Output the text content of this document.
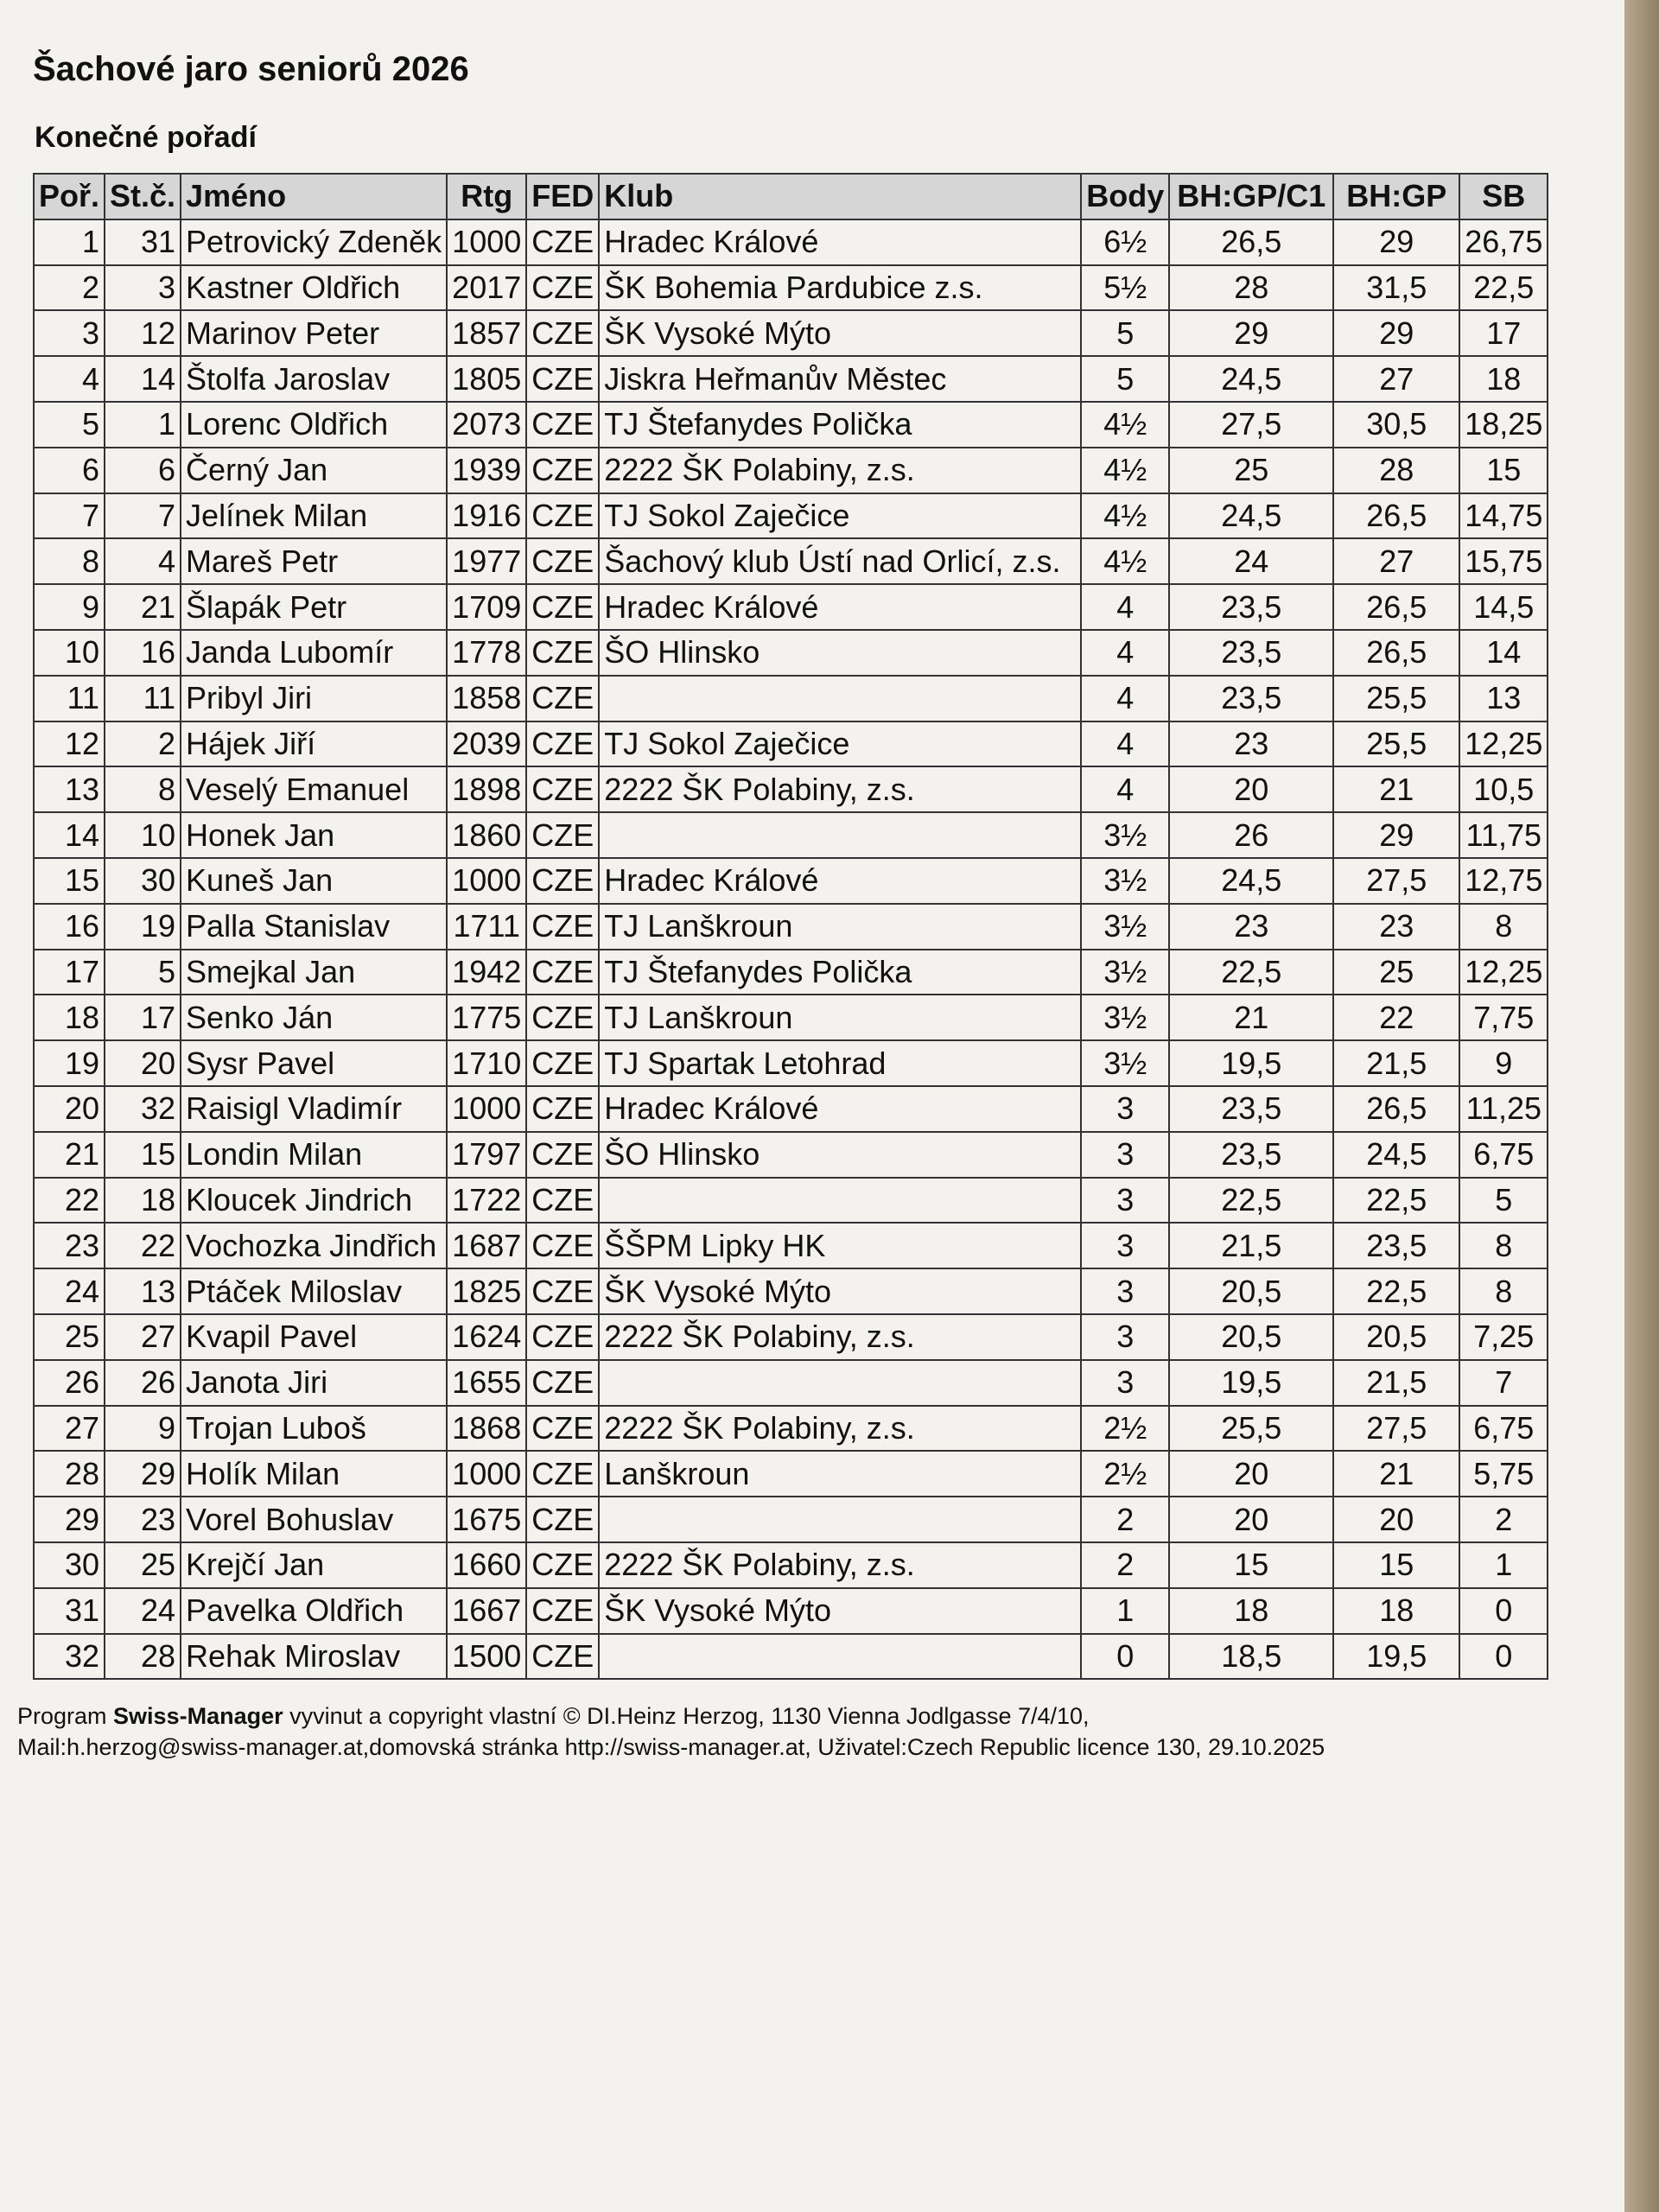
Šachové jaro seniorů 2026
Konečné pořadí
Poř.	St.č.	Jméno	Rtg	FED	Klub	Body	BH:GP/C1	BH:GP	SB
1	31	Petrovický Zdeněk	1000	CZE	Hradec Králové	6½	26,5	29	26,75
2	3	Kastner Oldřich	2017	CZE	ŠK Bohemia Pardubice z.s.	5½	28	31,5	22,5
3	12	Marinov Peter	1857	CZE	ŠK Vysoké Mýto	5	29	29	17
4	14	Štolfa Jaroslav	1805	CZE	Jiskra Heřmanův Městec	5	24,5	27	18
5	1	Lorenc Oldřich	2073	CZE	TJ Štefanydes Polička	4½	27,5	30,5	18,25
6	6	Černý Jan	1939	CZE	2222 ŠK Polabiny, z.s.	4½	25	28	15
7	7	Jelínek Milan	1916	CZE	TJ Sokol Zaječice	4½	24,5	26,5	14,75
8	4	Mareš Petr	1977	CZE	Šachový klub Ústí nad Orlicí, z.s.	4½	24	27	15,75
9	21	Šlapák Petr	1709	CZE	Hradec Králové	4	23,5	26,5	14,5
10	16	Janda Lubomír	1778	CZE	ŠO Hlinsko	4	23,5	26,5	14
11	11	Pribyl Jiri	1858	CZE		4	23,5	25,5	13
12	2	Hájek Jiří	2039	CZE	TJ Sokol Zaječice	4	23	25,5	12,25
13	8	Veselý Emanuel	1898	CZE	2222 ŠK Polabiny, z.s.	4	20	21	10,5
14	10	Honek Jan	1860	CZE		3½	26	29	11,75
15	30	Kuneš Jan	1000	CZE	Hradec Králové	3½	24,5	27,5	12,75
16	19	Palla Stanislav	1711	CZE	TJ Lanškroun	3½	23	23	8
17	5	Smejkal Jan	1942	CZE	TJ Štefanydes Polička	3½	22,5	25	12,25
18	17	Senko Ján	1775	CZE	TJ Lanškroun	3½	21	22	7,75
19	20	Sysr Pavel	1710	CZE	TJ Spartak Letohrad	3½	19,5	21,5	9
20	32	Raisigl Vladimír	1000	CZE	Hradec Králové	3	23,5	26,5	11,25
21	15	Londin Milan	1797	CZE	ŠO Hlinsko	3	23,5	24,5	6,75
22	18	Kloucek Jindrich	1722	CZE		3	22,5	22,5	5
23	22	Vochozka Jindřich	1687	CZE	ŠŠPM Lipky HK	3	21,5	23,5	8
24	13	Ptáček Miloslav	1825	CZE	ŠK Vysoké Mýto	3	20,5	22,5	8
25	27	Kvapil Pavel	1624	CZE	2222 ŠK Polabiny, z.s.	3	20,5	20,5	7,25
26	26	Janota Jiri	1655	CZE		3	19,5	21,5	7
27	9	Trojan Luboš	1868	CZE	2222 ŠK Polabiny, z.s.	2½	25,5	27,5	6,75
28	29	Holík Milan	1000	CZE	Lanškroun	2½	20	21	5,75
29	23	Vorel Bohuslav	1675	CZE		2	20	20	2
30	25	Krejčí Jan	1660	CZE	2222 ŠK Polabiny, z.s.	2	15	15	1
31	24	Pavelka Oldřich	1667	CZE	ŠK Vysoké Mýto	1	18	18	0
32	28	Rehak Miroslav	1500	CZE		0	18,5	19,5	0
Program Swiss-Manager vyvinut a copyright vlastní © DI.Heinz Herzog, 1130 Vienna Jodlgasse 7/4/10,
Mail:h.herzog@swiss-manager.at,domovská stránka http://swiss-manager.at, Uživatel:Czech Republic licence 130, 29.10.2025
